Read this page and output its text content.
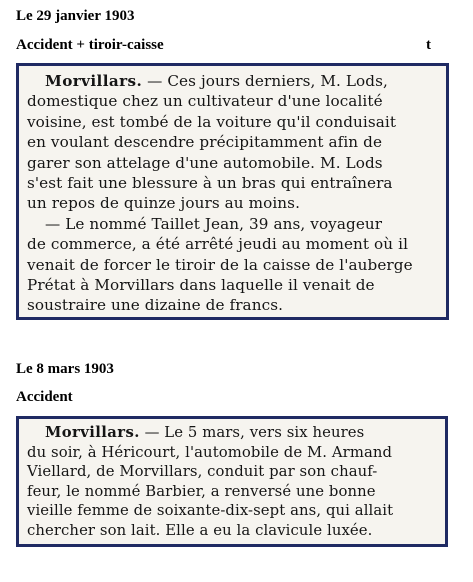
Le 29 janvier 1903
Accident + tiroir-caisse	t
Morvillars. — Ces jours derniers, M. Lods,
domestique chez un cultivateur d'une localité
voisine, est tombé de la voiture qu'il conduisait
en voulant descendre précipitamment afin de
garer son attelage d'une automobile. M. Lods
s'est fait une blessure à un bras qui entraînera
un repos de quinze jours au moins.
— Le nommé Taillet Jean, 39 ans, voyageur
de commerce, a été arrêté jeudi au moment où il
venait de forcer le tiroir de la caisse de l'auberge
Prétat à Morvillars dans laquelle il venait de
soustraire une dizaine de francs.
Le 8 mars 1903
Accident
Morvillars. — Le 5 mars, vers six heures
du soir, à Héricourt, l'automobile de M. Armand
Viellard, de Morvillars, conduit par son chauf-
feur, le nommé Barbier, a renversé une bonne
vieille femme de soixante-dix-sept ans, qui allait
chercher son lait. Elle a eu la clavicule luxée.
